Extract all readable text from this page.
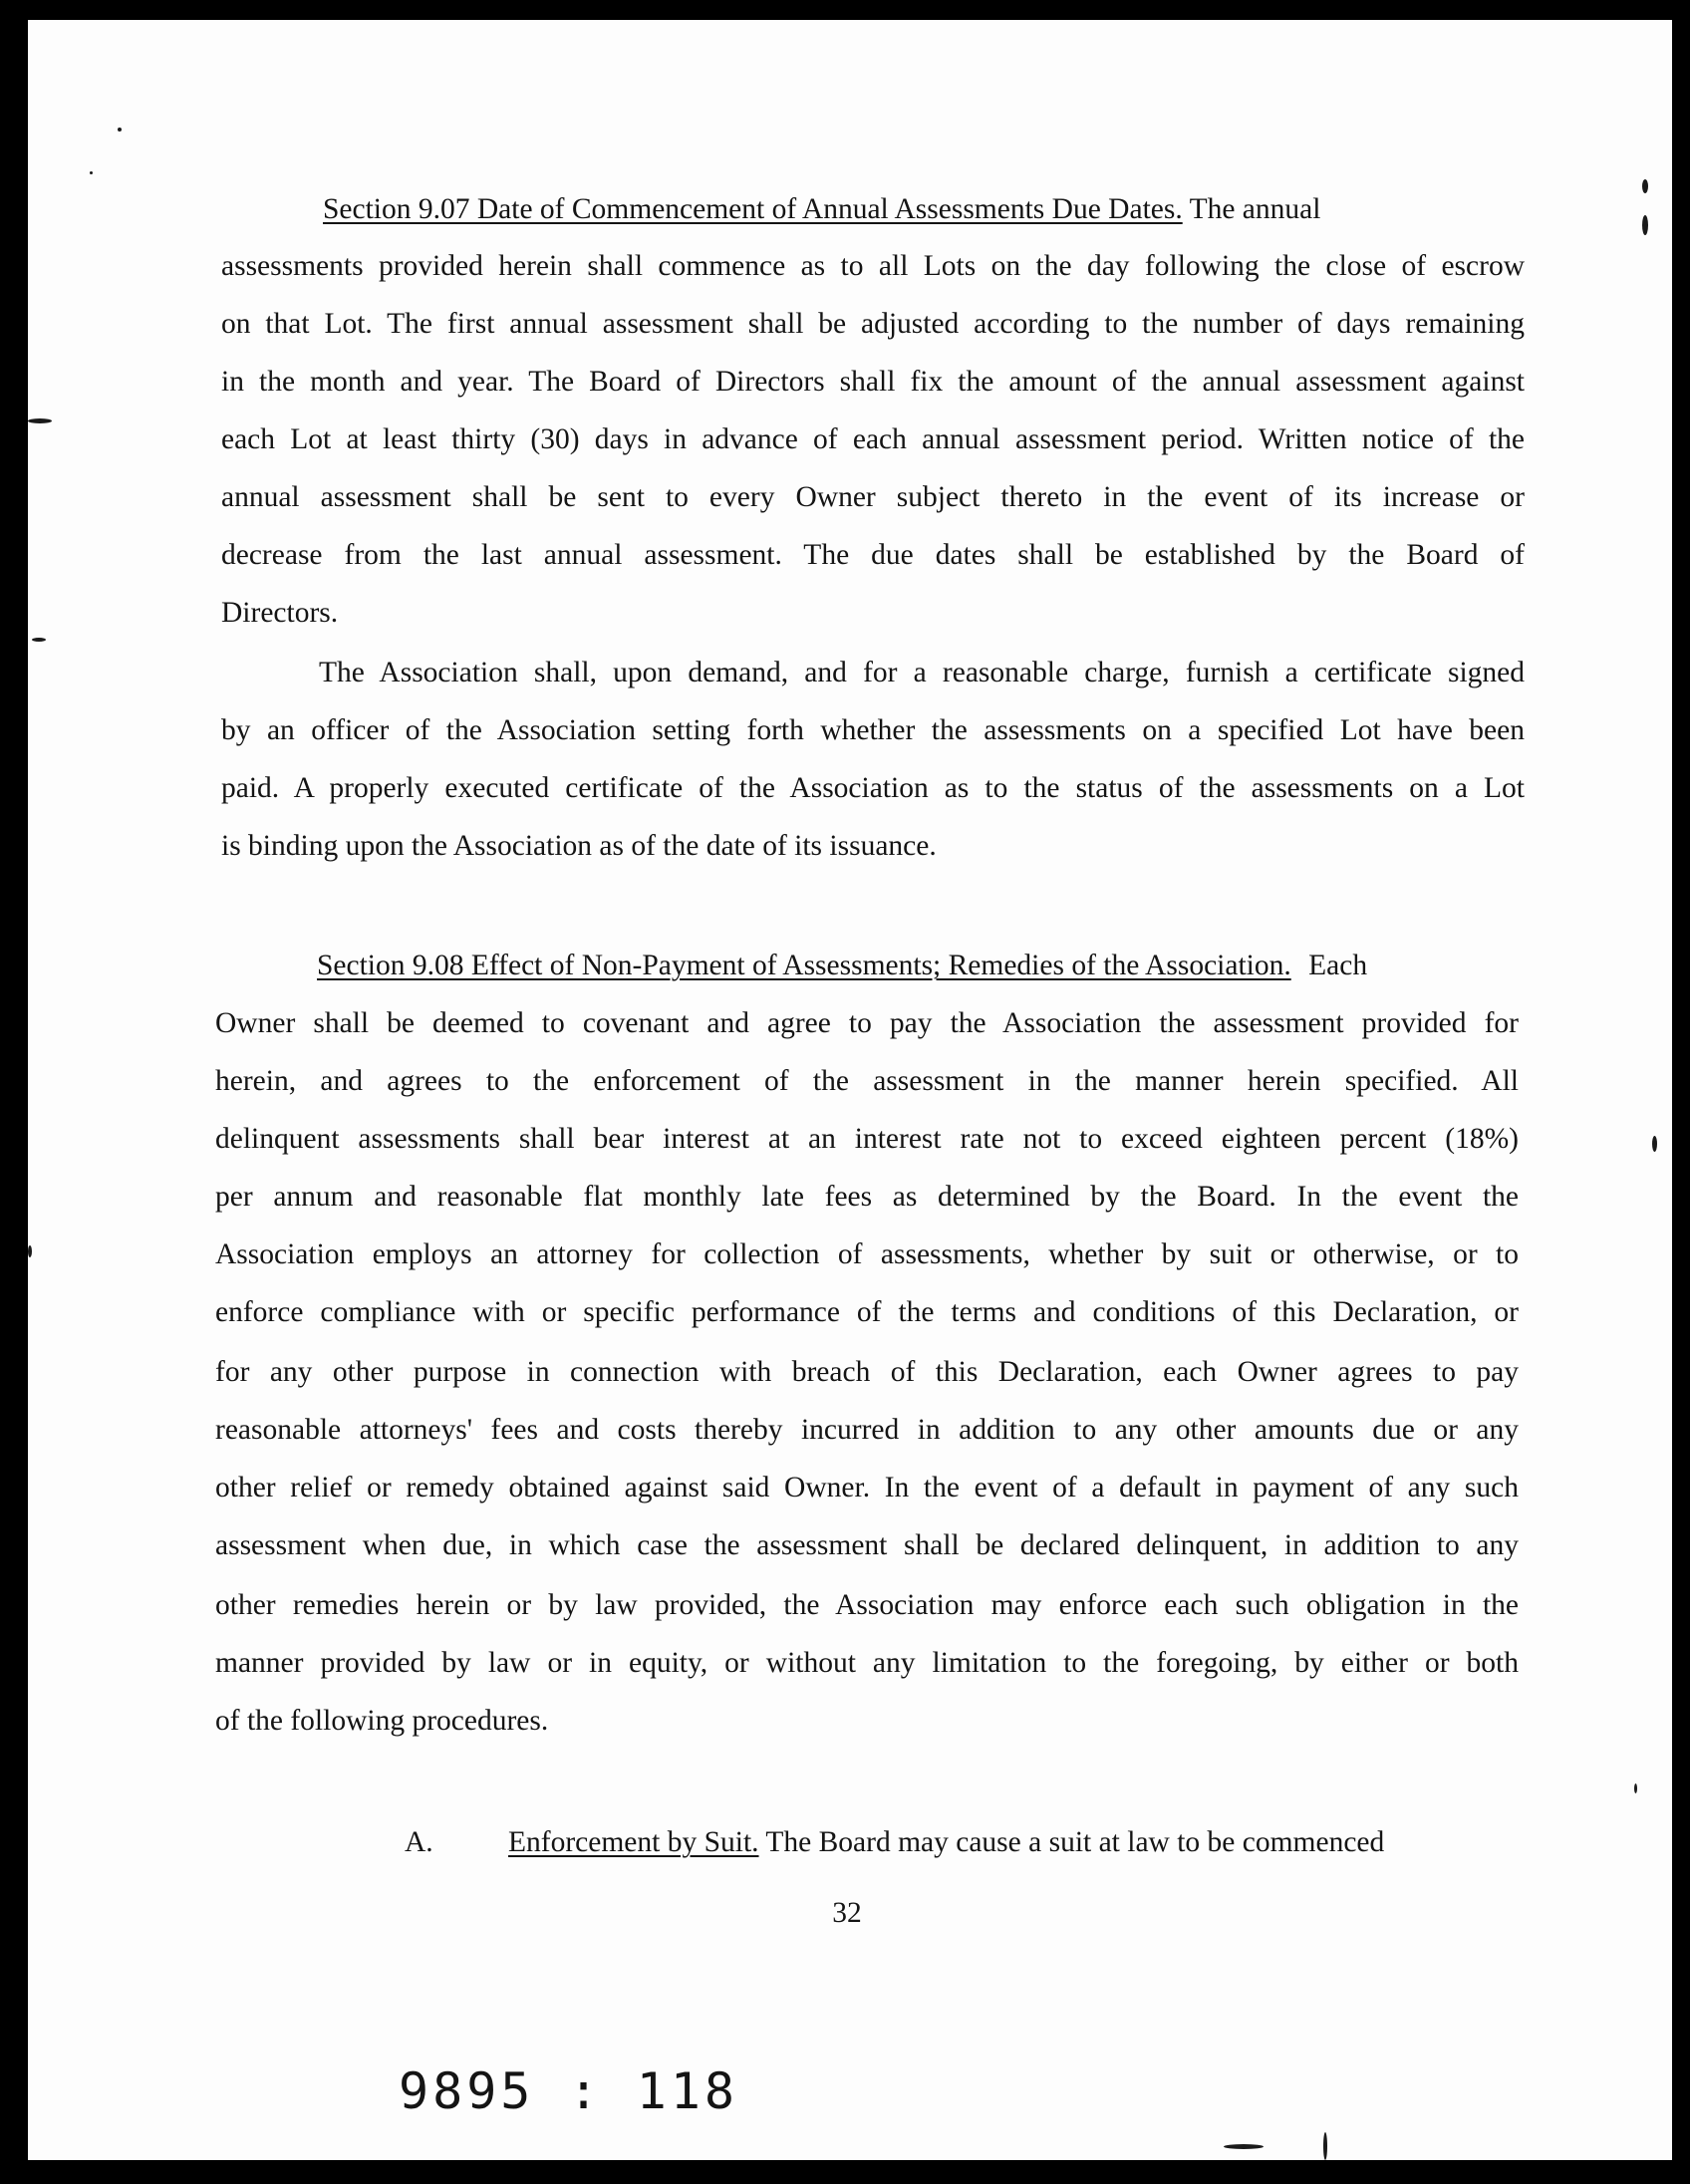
Section 9.07 Date of Commencement of Annual Assessments Due Dates. The annual
assessments provided herein shall commence as to all Lots on the day following the close of escrow
on that Lot. The first annual assessment shall be adjusted according to the number of days remaining
in the month and year. The Board of Directors shall fix the amount of the annual assessment against
each Lot at least thirty (30) days in advance of each annual assessment period. Written notice of the
annual assessment shall be sent to every Owner subject thereto in the event of its increase or
decrease from the last annual assessment. The due dates shall be established by the Board of
Directors.
The Association shall, upon demand, and for a reasonable charge, furnish a certificate signed
by an officer of the Association setting forth whether the assessments on a specified Lot have been
paid. A properly executed certificate of the Association as to the status of the assessments on a Lot
is binding upon the Association as of the date of its issuance.
Section 9.08 Effect of Non-Payment of Assessments; Remedies of the Association. Each
Owner shall be deemed to covenant and agree to pay the Association the assessment provided for
herein, and agrees to the enforcement of the assessment in the manner herein specified. All
delinquent assessments shall bear interest at an interest rate not to exceed eighteen percent (18%)
per annum and reasonable flat monthly late fees as determined by the Board. In the event the
Association employs an attorney for collection of assessments, whether by suit or otherwise, or to
enforce compliance with or specific performance of the terms and conditions of this Declaration, or
for any other purpose in connection with breach of this Declaration, each Owner agrees to pay
reasonable attorneys' fees and costs thereby incurred in addition to any other amounts due or any
other relief or remedy obtained against said Owner. In the event of a default in payment of any such
assessment when due, in which case the assessment shall be declared delinquent, in addition to any
other remedies herein or by law provided, the Association may enforce each such obligation in the
manner provided by law or in equity, or without any limitation to the foregoing, by either or both
of the following procedures.
A.	Enforcement by Suit. The Board may cause a suit at law to be commenced
32
9895 : 118
